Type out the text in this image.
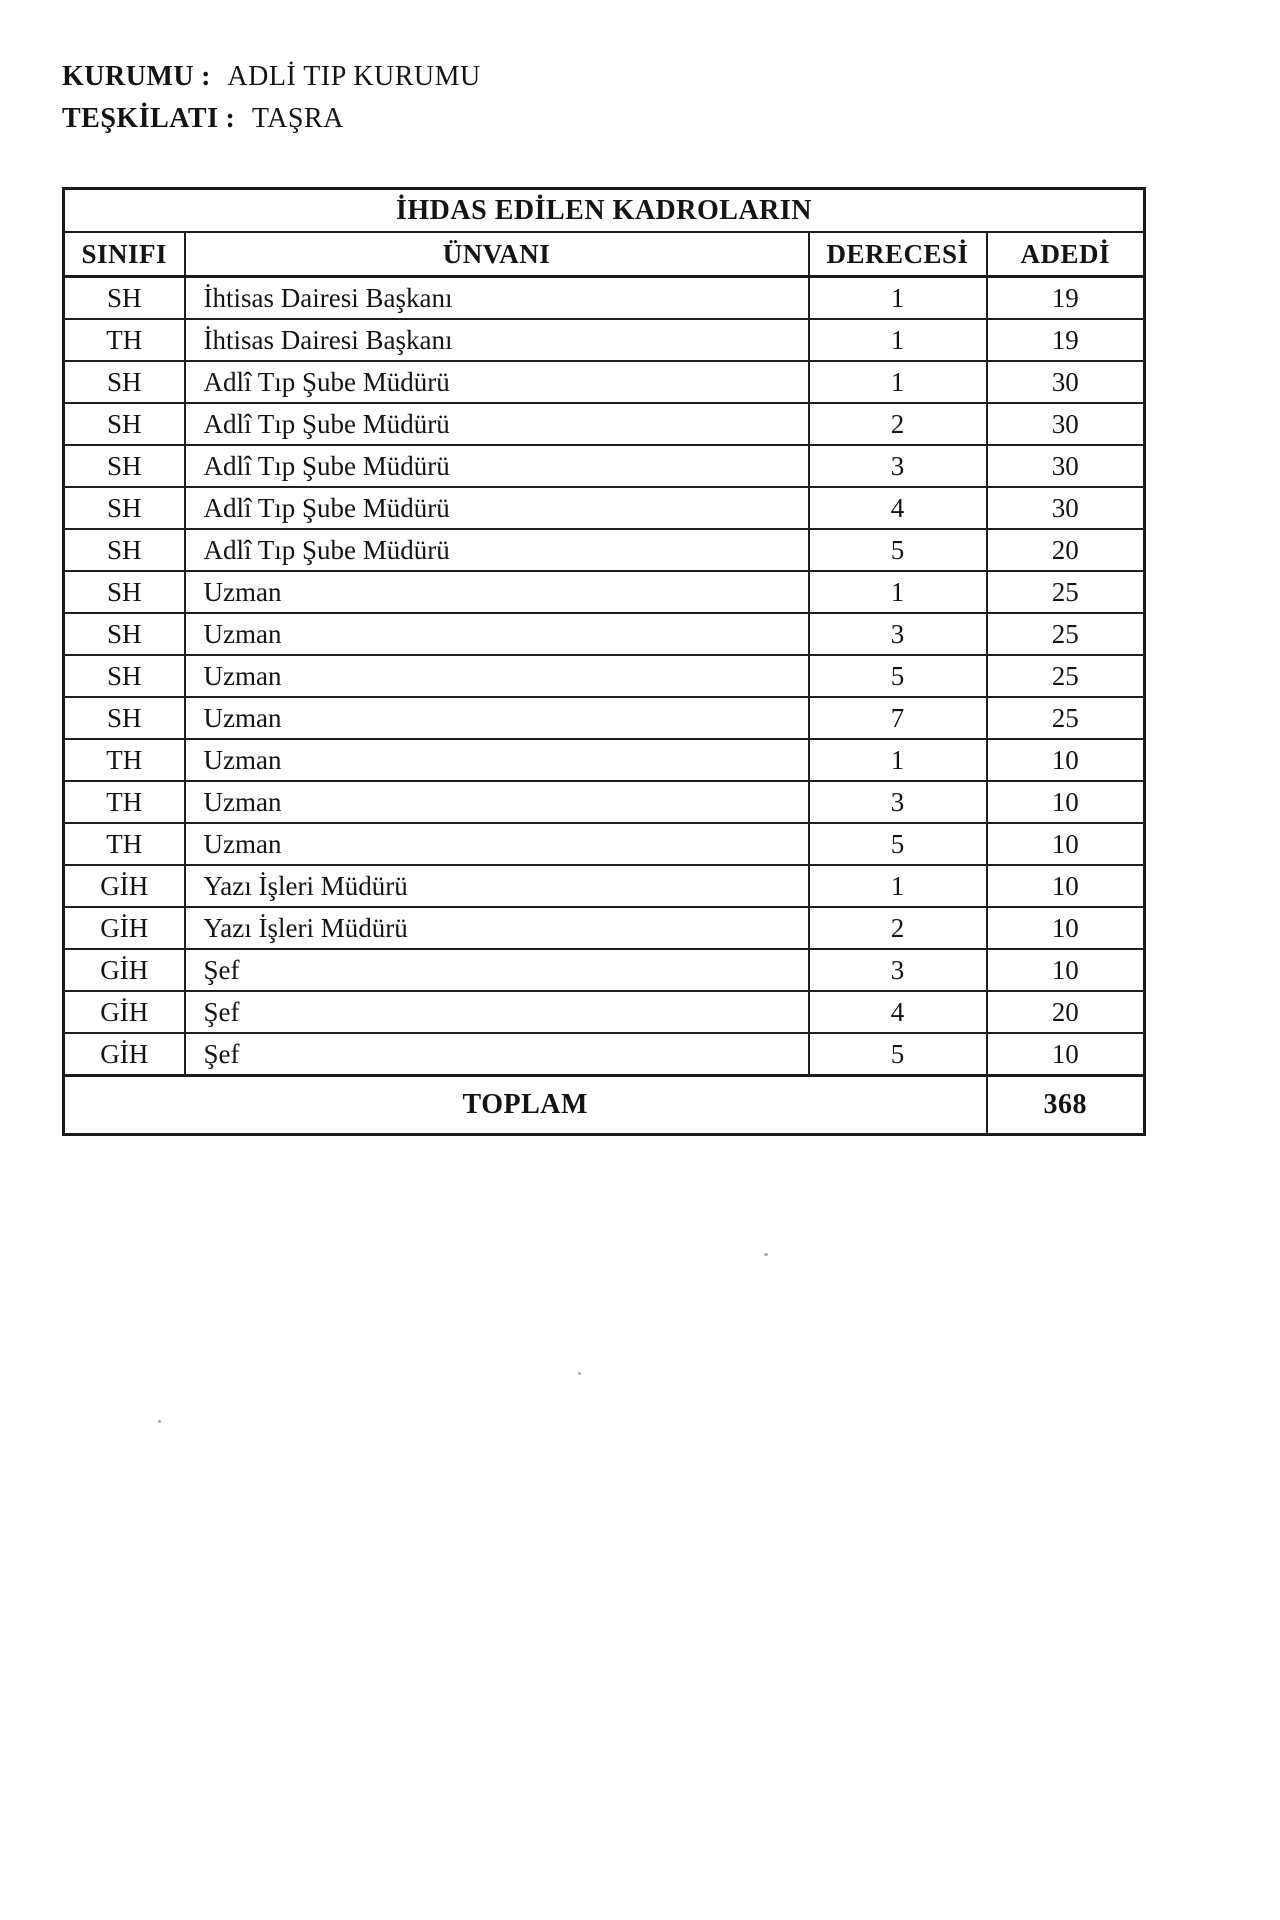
KURUMU : ADLİ TIP KURUMU
TEŞKİLATI : TAŞRA
İHDAS EDİLEN KADROLARIN			
SINIFI	ÜNVANI	DERECESİ	ADEDİ
SH	İhtisas Dairesi Başkanı	1	19
TH	İhtisas Dairesi Başkanı	1	19
SH	Adlî Tıp Şube Müdürü	1	30
SH	Adlî Tıp Şube Müdürü	2	30
SH	Adlî Tıp Şube Müdürü	3	30
SH	Adlî Tıp Şube Müdürü	4	30
SH	Adlî Tıp Şube Müdürü	5	20
SH	Uzman	1	25
SH	Uzman	3	25
SH	Uzman	5	25
SH	Uzman	7	25
TH	Uzman	1	10
TH	Uzman	3	10
TH	Uzman	5	10
GİH	Yazı İşleri Müdürü	1	10
GİH	Yazı İşleri Müdürü	2	10
GİH	Şef	3	10
GİH	Şef	4	20
GİH	Şef	5	10
TOPLAM			368
